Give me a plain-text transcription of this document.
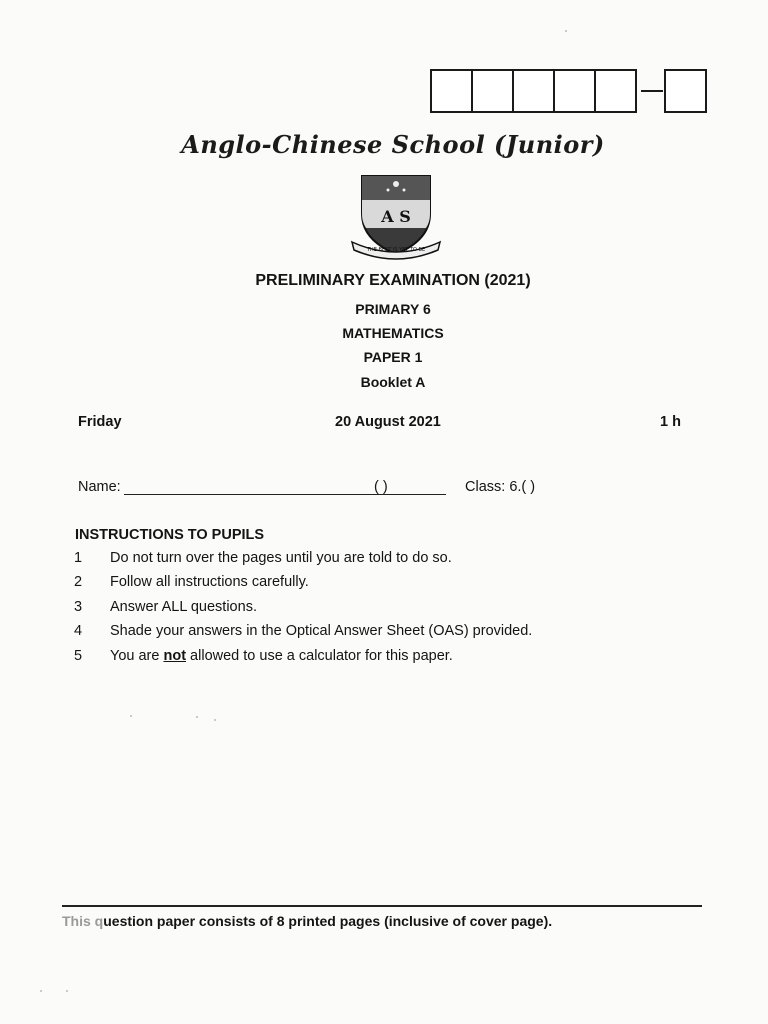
Anglo-Chinese School (Junior)
A S
THE BEST IS YET TO BE
PRELIMINARY EXAMINATION (2021)
PRIMARY 6
MATHEMATICS
PAPER 1
Booklet A
Friday	20 August 2021	1 h
Name:	( )	Class: 6.( )
INSTRUCTIONS TO PUPILS
1	Do not turn over the pages until you are told to do so.
2	Follow all instructions carefully.
3	Answer ALL questions.
4	Shade your answers in the Optical Answer Sheet (OAS) provided.
5	You are not allowed to use a calculator for this paper.
This question paper consists of 8 printed pages (inclusive of cover page).
